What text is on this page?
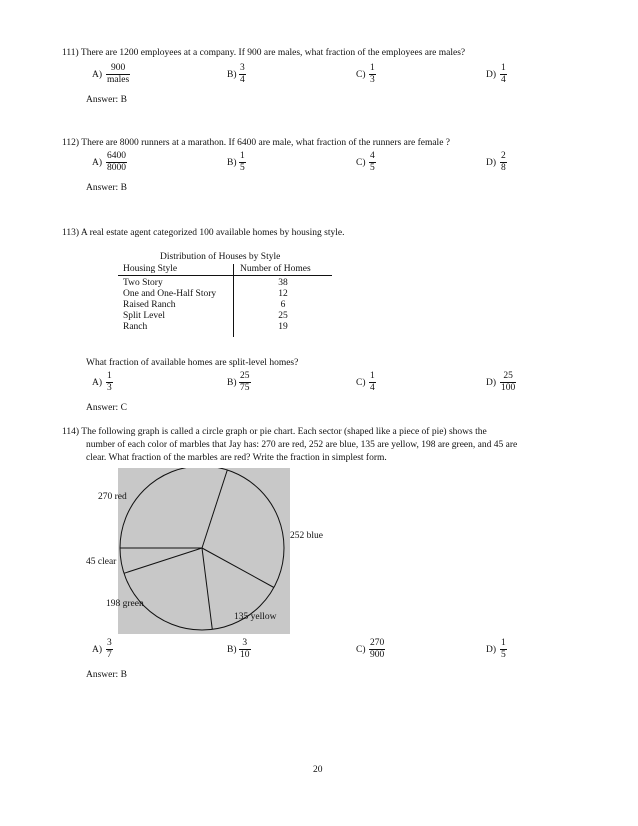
111) There are 1200 employees at a company. If 900 are males, what fraction of the employees are males?
A)
900
males	$B) \frac{3}{4}$	$C) \frac{1}{3}$	$D) \frac{1}{4}$
Answer: B
112) There are 8000 runners at a marathon. If 6400 are male, what fraction of the runners are female ?
$A) \frac{6400}{8000}$	$B) \frac{1}{5}$	$C) \frac{4}{5}$	$D) \frac{2}{8}$
Answer: B
113) A real estate agent categorized 100 available homes by housing style.
Distribution of Houses by Style
Housing Style	Number of Homes
Two Story	38
One and One-Half Story	12
Raised Ranch	6
Split Level	25
Ranch	19
What fraction of available homes are split-level homes?
$A) \frac{1}{3}$	$B) \frac{25}{75}$	$C) \frac{1}{4}$	$D) \frac{25}{100}$
Answer: C
114) The following graph is called a circle graph or pie chart. Each sector (shaped like a piece of pie) shows the
number of each color of marbles that Jay has: 270 are red, 252 are blue, 135 are yellow, 198 are green, and 45 are
clear. What fraction of the marbles are red? Write the fraction in simplest form.
270 red
252 blue
135 yellow
198 green
45 clear
$A) \frac{3}{7}$	$B) \frac{3}{10}$	$C) \frac{270}{900}$	$D) \frac{1}{5}$
Answer: B
20
